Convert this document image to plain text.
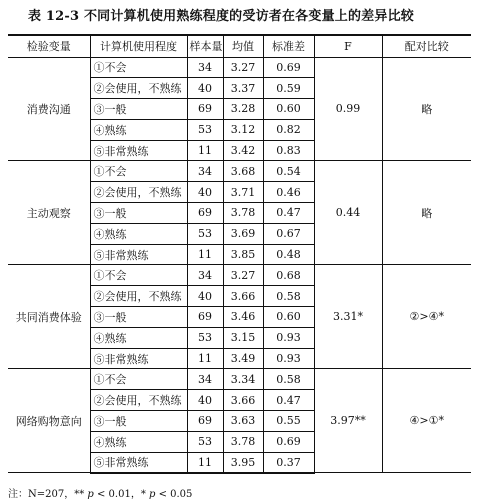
表 12-3 不同计算机使用熟练程度的受访者在各变量上的差异比较
检验变量	计算机使用程度	样本量	均值	标准差	F	配对比较
消费沟通	①不会	34	3.27	0.69	0.99	略
	②会使用，不熟练	40	3.37	0.59		
	③一般	69	3.28	0.60		
	④熟练	53	3.12	0.82		
	⑤非常熟练	11	3.42	0.83		
主动观察	①不会	34	3.68	0.54	0.44	略
	②会使用，不熟练	40	3.71	0.46		
	③一般	69	3.78	0.47		
	④熟练	53	3.69	0.67		
	⑤非常熟练	11	3.85	0.48		
共同消费体验	①不会	34	3.27	0.68	3.31*	②>④*
	②会使用，不熟练	40	3.66	0.58		
	③一般	69	3.46	0.60		
	④熟练	53	3.15	0.93		
	⑤非常熟练	11	3.49	0.93		
网络购物意向	①不会	34	3.34	0.58	3.97**	④>①*
	②会使用，不熟练	40	3.66	0.47		
	③一般	69	3.63	0.55		
	④熟练	53	3.78	0.69		
	⑤非常熟练	11	3.95	0.37		
注：N=207，** p < 0.01，* p < 0.05
